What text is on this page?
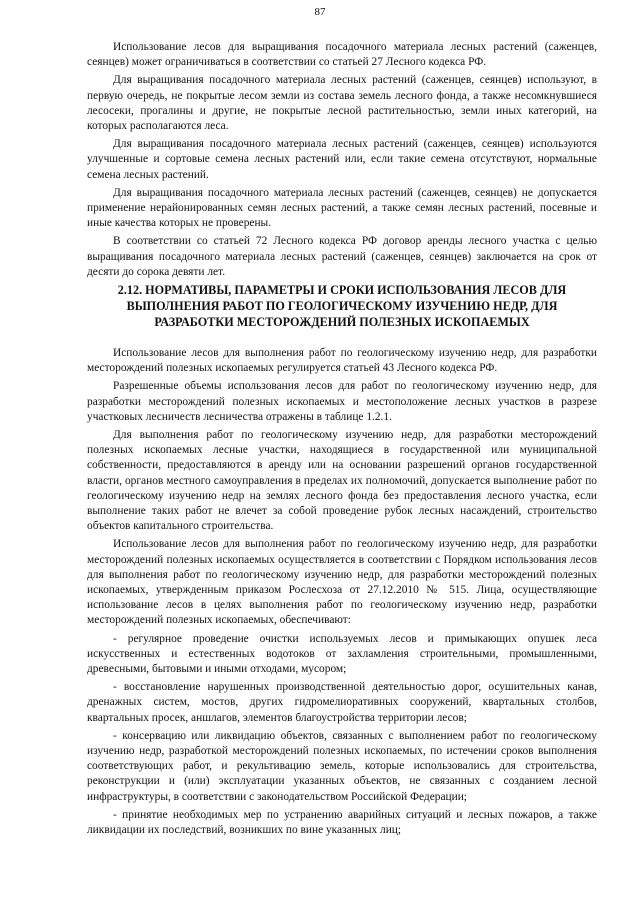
87

Использование лесов для выращивания посадочного материала лесных растений (саженцев, сеянцев) может ограничиваться в соответствии со статьей 27 Лесного кодекса РФ.

Для выращивания посадочного материала лесных растений (саженцев, сеянцев) используют, в первую очередь, не покрытые лесом земли из состава земель лесного фонда, а также несомкнувшиеся лесосеки, прогалины и другие, не покрытые лесной растительностью, земли иных категорий, на которых располагаются леса.

Для выращивания посадочного материала лесных растений (саженцев, сеянцев) используются улучшенные и сортовые семена лесных растений или, если такие семена отсутствуют, нормальные семена лесных растений.

Для выращивания посадочного материала лесных растений (саженцев, сеянцев) не допускается применение нерайонированных семян лесных растений, а также семян лесных растений, посевные и иные качества которых не проверены.

В соответствии со статьей 72 Лесного кодекса РФ договор аренды лесного участка с целью выращивания посадочного материала лесных растений (саженцев, сеянцев) заключается на срок от десяти до сорока девяти лет.

2.12. НОРМАТИВЫ, ПАРАМЕТРЫ И СРОКИ ИСПОЛЬЗОВАНИЯ ЛЕСОВ ДЛЯ ВЫПОЛНЕНИЯ РАБОТ ПО ГЕОЛОГИЧЕСКОМУ ИЗУЧЕНИЮ НЕДР, ДЛЯ РАЗРАБОТКИ МЕСТОРОЖДЕНИЙ ПОЛЕЗНЫХ ИСКОПАЕМЫХ

Использование лесов для выполнения работ по геологическому изучению недр, для разработки месторождений полезных ископаемых регулируется статьей 43 Лесного кодекса РФ.

Разрешенные объемы использования лесов для работ по геологическому изучению недр, для разработки месторождений полезных ископаемых и местоположение лесных участков в разрезе участковых лесничеств лесничества отражены в таблице 1.2.1.

Для выполнения работ по геологическому изучению недр, для разработки месторождений полезных ископаемых лесные участки, находящиеся в государственной или муниципальной собственности, предоставляются в аренду или на основании разрешений органов государственной власти, органов местного самоуправления в пределах их полномочий, допускается выполнение работ по геологическому изучению недр на землях лесного фонда без предоставления лесного участка, если выполнение таких работ не влечет за собой проведение рубок лесных насаждений, строительство объектов капитального строительства.

Использование лесов для выполнения работ по геологическому изучению недр, для разработки месторождений полезных ископаемых осуществляется в соответствии с Порядком использования лесов для выполнения работ по геологическому изучению недр, для разработки месторождений полезных ископаемых, утвержденным приказом Рослесхоза от 27.12.2010 № 515. Лица, осуществляющие использование лесов в целях выполнения работ по геологическому изучению недр, разработки месторождений полезных ископаемых, обеспечивают:

- регулярное проведение очистки используемых лесов и примыкающих опушек леса искусственных и естественных водотоков от захламления строительными, промышленными, древесными, бытовыми и иными отходами, мусором;

- восстановление нарушенных производственной деятельностью дорог, осушительных канав, дренажных систем, мостов, других гидромелиоративных сооружений, квартальных столбов, квартальных просек, аншлагов, элементов благоустройства территории лесов;

- консервацию или ликвидацию объектов, связанных с выполнением работ по геологическому изучению недр, разработкой месторождений полезных ископаемых, по истечении сроков выполнения соответствующих работ, и рекультивацию земель, которые использовались для строительства, реконструкции и (или) эксплуатации указанных объектов, не связанных с созданием лесной инфраструктуры, в соответствии с законодательством Российской Федерации;

- принятие необходимых мер по устранению аварийных ситуаций и лесных пожаров, а также ликвидации их последствий, возникших по вине указанных лиц;
